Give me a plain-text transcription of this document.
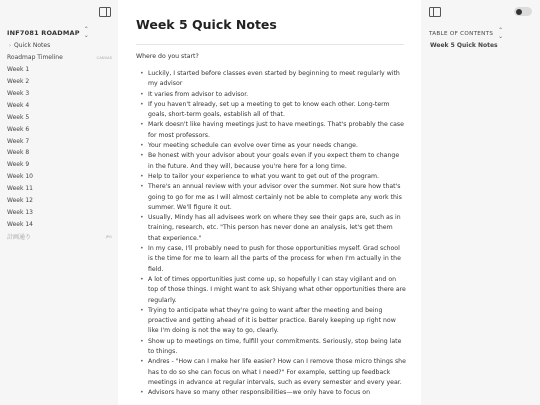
INF7081 ROADMAP ⌃
⌄
› Quick Notes
Roadmap Timeline	CANVAS
Week 1
Week 2
Week 3
Week 4
Week 5
Week 6
Week 7
Week 8
Week 9
Week 10
Week 11
Week 12
Week 13
Week 14
計画通り	JPG
Week 5 Quick Notes

Where do you start?

• Luckily, I started before classes even started by beginning to meet regularly with my advisor
• It varies from advisor to advisor.
• If you haven't already, set up a meeting to get to know each other. Long-term goals, short-term goals, establish all of that.
• Mark doesn't like having meetings just to have meetings. That's probably the case for most professors.
• Your meeting schedule can evolve over time as your needs change.
• Be honest with your advisor about your goals even if you expect them to change in the future. And they will, because you're here for a long time.
• Help to tailor your experience to what you want to get out of the program.
• There's an annual review with your advisor over the summer. Not sure how that's going to go for me as I will almost certainly not be able to complete any work this summer. We'll figure it out.
• Usually, Mindy has all advisees work on where they see their gaps are, such as in training, research, etc. "This person has never done an analysis, let's get them that experience."
• In my case, I'll probably need to push for those opportunities myself. Grad school is the time for me to learn all the parts of the process for when I'm actually in the field.
• A lot of times opportunities just come up, so hopefully I can stay vigilant and on top of those things. I might want to ask Shiyang what other opportunities there are regularly.
• Trying to anticipate what they're going to want after the meeting and being proactive and getting ahead of it is better practice. Barely keeping up right now like I'm doing is not the way to go, clearly.
• Show up to meetings on time, fulfill your commitments. Seriously, stop being late to things.
• Andres - "How can I make her life easier? How can I remove those micro things she has to do so she can focus on what I need?" For example, setting up feedback meetings in advance at regular intervals, such as every semester and every year.
• Advisors have so many other responsibilities—we only have to focus on
TABLE OF CONTENTS ⌃
⌄
Week 5 Quick Notes
